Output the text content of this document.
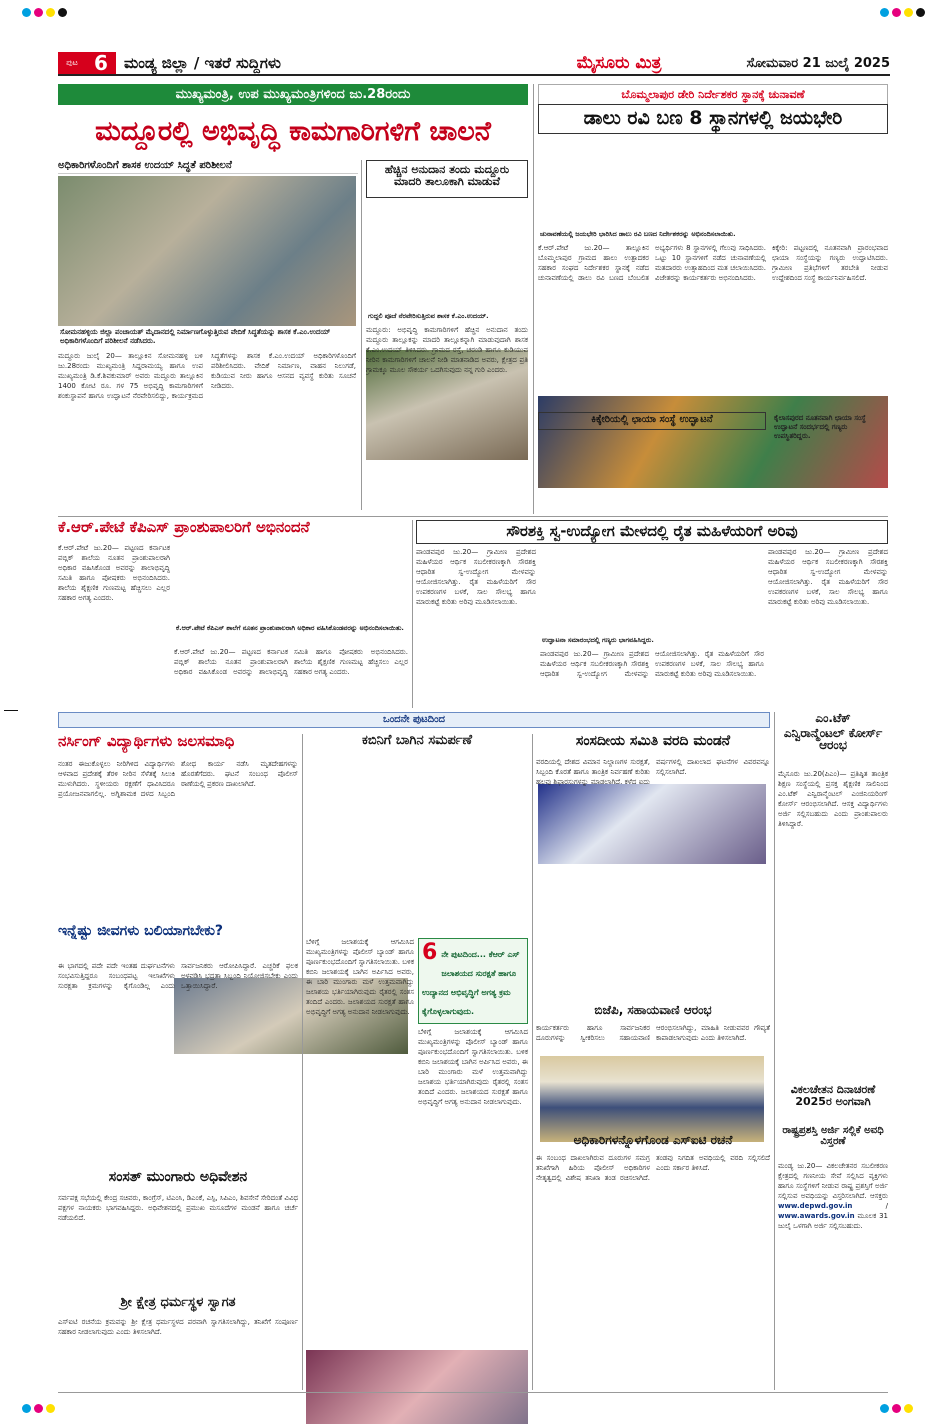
ಪುಟ 6	ಮಂಡ್ಯ ಜಿಲ್ಲಾ / ಇತರೆ ಸುದ್ದಿಗಳು	ಮೈಸೂರು ಮಿತ್ರ	ಸೋಮವಾರ 21 ಜುಲೈ 2025
ಮುಖ್ಯಮಂತ್ರಿ, ಉಪ ಮುಖ್ಯಮಂತ್ರಿಗಳಿಂದ ಜು.28ರಂದು
ಮದ್ದೂರಲ್ಲಿ ಅಭಿವೃದ್ಧಿ ಕಾಮಗಾರಿಗಳಿಗೆ ಚಾಲನೆ
ಅಧಿಕಾರಿಗಳೊಂದಿಗೆ ಶಾಸಕ ಉದಯ್ ಸಿದ್ಧತೆ ಪರಿಶೀಲನೆ
ಸೋಮನಹಳ್ಳಿಯ ಜಿಲ್ಲಾ ಪಂಚಾಯತ್ ಮೈದಾನದಲ್ಲಿ ನಿರ್ಮಾಣಗೊಳ್ಳುತ್ತಿರುವ ವೇದಿಕೆ ಸಿದ್ಧತೆಯನ್ನು ಶಾಸಕ ಕೆ.ಎಂ.ಉದಯ್ ಅಧಿಕಾರಿಗಳೊಂದಿಗೆ ಪರಿಶೀಲನೆ ನಡೆಸಿದರು.

ಮದ್ದೂರು ಜುಲೈ 20— ತಾಲ್ಲೂಕಿನ ಸೋಮನಹಳ್ಳಿ ಬಳಿ ಜು.28ರಂದು ಮುಖ್ಯಮಂತ್ರಿ ಸಿದ್ದರಾಮಯ್ಯ ಹಾಗೂ ಉಪ ಮುಖ್ಯಮಂತ್ರಿ ಡಿ.ಕೆ.ಶಿವಕುಮಾರ್ ಅವರು ಮದ್ದೂರು ತಾಲ್ಲೂಕಿನ 1400 ಕೋಟಿ ರೂ. ಗಳ 75 ಅಭಿವೃದ್ಧಿ ಕಾಮಗಾರಿಗಳಿಗೆ ಶಂಕುಸ್ಥಾಪನೆ ಹಾಗೂ ಉದ್ಘಾಟನೆ ನೆರವೇರಿಸಲಿದ್ದು, ಕಾರ್ಯಕ್ರಮದ ಸಿದ್ಧತೆಗಳನ್ನು ಶಾಸಕ ಕೆ.ಎಂ.ಉದಯ್ ಅಧಿಕಾರಿಗಳೊಂದಿಗೆ ಪರಿಶೀಲಿಸಿದರು. ವೇದಿಕೆ ನಿರ್ಮಾಣ, ವಾಹನ ನಿಲುಗಡೆ, ಕುಡಿಯುವ ನೀರು ಹಾಗೂ ಆಸನದ ವ್ಯವಸ್ಥೆ ಕುರಿತು ಸೂಚನೆ ನೀಡಿದರು.

ಹೆಚ್ಚಿನ ಅನುದಾನ ತಂದು ಮದ್ದೂರು ಮಾದರಿ ತಾಲೂಕಾಗಿ ಮಾಡುವೆ
ಗುದ್ದಲಿ ಪೂಜೆ ನೆರವೇರಿಸುತ್ತಿರುವ ಶಾಸಕ ಕೆ.ಎಂ.ಉದಯ್.

ಮದ್ದೂರು: ಅಭಿವೃದ್ಧಿ ಕಾಮಗಾರಿಗಳಿಗೆ ಹೆಚ್ಚಿನ ಅನುದಾನ ತಂದು ಮದ್ದೂರು ತಾಲ್ಲೂಕನ್ನು ಮಾದರಿ ತಾಲ್ಲೂಕನ್ನಾಗಿ ಮಾಡುವುದಾಗಿ ಶಾಸಕ ಕೆ.ಎಂ.ಉದಯ್ ತಿಳಿಸಿದರು. ಗ್ರಾಮದ ರಸ್ತೆ, ಚರಂಡಿ ಹಾಗೂ ಕುಡಿಯುವ ನೀರಿನ ಕಾಮಗಾರಿಗಳಿಗೆ ಚಾಲನೆ ನೀಡಿ ಮಾತನಾಡಿದ ಅವರು, ಕ್ಷೇತ್ರದ ಪ್ರತಿ ಗ್ರಾಮಕ್ಕೂ ಮೂಲ ಸೌಕರ್ಯ ಒದಗಿಸುವುದು ನನ್ನ ಗುರಿ ಎಂದರು.

ಬೊಮ್ಮಲಾಪುರ ಡೇರಿ ನಿರ್ದೇಶಕರ ಸ್ಥಾನಕ್ಕೆ ಚುನಾವಣೆ
ಡಾಲು ರವಿ ಬಣ 8 ಸ್ಥಾನಗಳಲ್ಲಿ ಜಯಭೇರಿ
ಚುನಾವಣೆಯಲ್ಲಿ ಜಯಭೇರಿ ಭಾರಿಸಿದ ಡಾಲು ರವಿ ಬಣದ ನಿರ್ದೇಶಕರನ್ನು ಅಭಿನಂದಿಸಲಾಯಿತು.

ಕೆ.ಆರ್.ಪೇಟೆ ಜು.20— ತಾಲ್ಲೂಕಿನ ಬೊಮ್ಮಲಾಪುರ ಗ್ರಾಮದ ಹಾಲು ಉತ್ಪಾದಕರ ಸಹಕಾರ ಸಂಘದ ನಿರ್ದೇಶಕರ ಸ್ಥಾನಕ್ಕೆ ನಡೆದ ಚುನಾವಣೆಯಲ್ಲಿ ಡಾಲು ರವಿ ಬಣದ ಬೆಂಬಲಿತ ಅಭ್ಯರ್ಥಿಗಳು 8 ಸ್ಥಾನಗಳಲ್ಲಿ ಗೆಲುವು ಸಾಧಿಸಿದರು. ಒಟ್ಟು 10 ಸ್ಥಾನಗಳಿಗೆ ನಡೆದ ಚುನಾವಣೆಯಲ್ಲಿ ಮತದಾರರು ಉತ್ಸಾಹದಿಂದ ಮತ ಚಲಾಯಿಸಿದರು. ವಿಜೇತರನ್ನು ಕಾರ್ಯಕರ್ತರು ಅಭಿನಂದಿಸಿದರು.

ಕಿಕ್ಕೇರಿಯಲ್ಲಿ ಛಾಯಾ ಸಂಸ್ಥೆ ಉದ್ಘಾಟನೆ

ಕಿಕ್ಕೇರಿ: ಪಟ್ಟಣದಲ್ಲಿ ನೂತನವಾಗಿ ಪ್ರಾರಂಭವಾದ ಛಾಯಾ ಸಂಸ್ಥೆಯನ್ನು ಗಣ್ಯರು ಉದ್ಘಾಟಿಸಿದರು. ಗ್ರಾಮೀಣ ಪ್ರತಿಭೆಗಳಿಗೆ ತರಬೇತಿ ನೀಡುವ ಉದ್ದೇಶದಿಂದ ಸಂಸ್ಥೆ ಕಾರ್ಯನಿರ್ವಹಿಸಲಿದೆ.

ಕೈಲಾಸಪುರದ ನೂತನವಾಗಿ ಛಾಯಾ ಸಂಸ್ಥೆ ಉದ್ಘಾಟನೆ ಸಂದರ್ಭದಲ್ಲಿ ಗಣ್ಯರು ಉಪಸ್ಥಿತರಿದ್ದರು.
ಕೆ.ಆರ್.ಪೇಟೆ ಕೆಪಿಎಸ್ ಪ್ರಾಂಶುಪಾಲರಿಗೆ ಅಭಿನಂದನೆ

ಕೆ.ಆರ್.ಪೇಟೆ ಜು.20— ಪಟ್ಟಣದ ಕರ್ನಾಟಕ ಪಬ್ಲಿಕ್ ಶಾಲೆಯ ನೂತನ ಪ್ರಾಂಶುಪಾಲರಾಗಿ ಅಧಿಕಾರ ವಹಿಸಿಕೊಂಡ ಅವರನ್ನು ಶಾಲಾಭಿವೃದ್ಧಿ ಸಮಿತಿ ಹಾಗೂ ಪೋಷಕರು ಅಭಿನಂದಿಸಿದರು. ಶಾಲೆಯ ಶೈಕ್ಷಣಿಕ ಗುಣಮಟ್ಟ ಹೆಚ್ಚಿಸಲು ಎಲ್ಲರ ಸಹಕಾರ ಅಗತ್ಯ ಎಂದರು.

ಕೆ.ಆರ್.ಪೇಟೆ ಕೆಪಿಎಸ್ ಶಾಲೆಗೆ ನೂತನ ಪ್ರಾಂಶುಪಾಲರಾಗಿ ಅಧಿಕಾರ ವಹಿಸಿಕೊಂಡವರನ್ನು ಅಭಿನಂದಿಸಲಾಯಿತು.

ಕೆ.ಆರ್.ಪೇಟೆ ಜು.20— ಪಟ್ಟಣದ ಕರ್ನಾಟಕ ಪಬ್ಲಿಕ್ ಶಾಲೆಯ ನೂತನ ಪ್ರಾಂಶುಪಾಲರಾಗಿ ಅಧಿಕಾರ ವಹಿಸಿಕೊಂಡ ಅವರನ್ನು ಶಾಲಾಭಿವೃದ್ಧಿ ಸಮಿತಿ ಹಾಗೂ ಪೋಷಕರು ಅಭಿನಂದಿಸಿದರು. ಶಾಲೆಯ ಶೈಕ್ಷಣಿಕ ಗುಣಮಟ್ಟ ಹೆಚ್ಚಿಸಲು ಎಲ್ಲರ ಸಹಕಾರ ಅಗತ್ಯ ಎಂದರು.

ಸೌರಶಕ್ತಿ ಸ್ವ-ಉದ್ಯೋಗ ಮೇಳದಲ್ಲಿ ರೈತ ಮಹಿಳೆಯರಿಗೆ ಅರಿವು

ಪಾಂಡವಪುರ ಜು.20— ಗ್ರಾಮೀಣ ಪ್ರದೇಶದ ಮಹಿಳೆಯರ ಆರ್ಥಿಕ ಸಬಲೀಕರಣಕ್ಕಾಗಿ ಸೌರಶಕ್ತಿ ಆಧಾರಿತ ಸ್ವ-ಉದ್ಯೋಗ ಮೇಳವನ್ನು ಆಯೋಜಿಸಲಾಗಿತ್ತು. ರೈತ ಮಹಿಳೆಯರಿಗೆ ಸೌರ ಉಪಕರಣಗಳ ಬಳಕೆ, ಸಾಲ ಸೌಲಭ್ಯ ಹಾಗೂ ಮಾರುಕಟ್ಟೆ ಕುರಿತು ಅರಿವು ಮೂಡಿಸಲಾಯಿತು.

ಉದ್ಘಾಟನಾ ಸಮಾರಂಭದಲ್ಲಿ ಗಣ್ಯರು ಭಾಗವಹಿಸಿದ್ದರು.

ಪಾಂಡವಪುರ ಜು.20— ಗ್ರಾಮೀಣ ಪ್ರದೇಶದ ಮಹಿಳೆಯರ ಆರ್ಥಿಕ ಸಬಲೀಕರಣಕ್ಕಾಗಿ ಸೌರಶಕ್ತಿ ಆಧಾರಿತ ಸ್ವ-ಉದ್ಯೋಗ ಮೇಳವನ್ನು ಆಯೋಜಿಸಲಾಗಿತ್ತು. ರೈತ ಮಹಿಳೆಯರಿಗೆ ಸೌರ ಉಪಕರಣಗಳ ಬಳಕೆ, ಸಾಲ ಸೌಲಭ್ಯ ಹಾಗೂ ಮಾರುಕಟ್ಟೆ ಕುರಿತು ಅರಿವು ಮೂಡಿಸಲಾಯಿತು.

ಪಾಂಡವಪುರ ಜು.20— ಗ್ರಾಮೀಣ ಪ್ರದೇಶದ ಮಹಿಳೆಯರ ಆರ್ಥಿಕ ಸಬಲೀಕರಣಕ್ಕಾಗಿ ಸೌರಶಕ್ತಿ ಆಧಾರಿತ ಸ್ವ-ಉದ್ಯೋಗ ಮೇಳವನ್ನು ಆಯೋಜಿಸಲಾಗಿತ್ತು. ರೈತ ಮಹಿಳೆಯರಿಗೆ ಸೌರ ಉಪಕರಣಗಳ ಬಳಕೆ, ಸಾಲ ಸೌಲಭ್ಯ ಹಾಗೂ ಮಾರುಕಟ್ಟೆ ಕುರಿತು ಅರಿವು ಮೂಡಿಸಲಾಯಿತು.

ಒಂದನೇ ಪುಟದಿಂದ
ನರ್ಸಿಂಗ್ ವಿದ್ಯಾರ್ಥಿಗಳು ಜಲಸಮಾಧಿ

ನಂತರ ಈಜುಕೊಳ್ಳಲು ನೀರಿಗಿಳಿದ ವಿದ್ಯಾರ್ಥಿಗಳು ಆಳವಾದ ಪ್ರದೇಶಕ್ಕೆ ತೆರಳಿ ನೀರಿನ ಸೆಳೆತಕ್ಕೆ ಸಿಲುಕಿ ಮುಳುಗಿದರು. ಸ್ಥಳೀಯರು ರಕ್ಷಣೆಗೆ ಧಾವಿಸಿದರೂ ಪ್ರಯೋಜನವಾಗಲಿಲ್ಲ. ಅಗ್ನಿಶಾಮಕ ದಳದ ಸಿಬ್ಬಂದಿ ಶೋಧ ಕಾರ್ಯ ನಡೆಸಿ ಮೃತದೇಹಗಳನ್ನು ಹೊರತೆಗೆದರು. ಘಟನೆ ಸಂಬಂಧ ಪೊಲೀಸ್ ಠಾಣೆಯಲ್ಲಿ ಪ್ರಕರಣ ದಾಖಲಾಗಿದೆ.

ಇನ್ನೆಷ್ಟು ಜೀವಗಳು ಬಲಿಯಾಗಬೇಕು?

ಈ ಭಾಗದಲ್ಲಿ ಪದೇ ಪದೇ ಇಂತಹ ದುರ್ಘಟನೆಗಳು ಸಂಭವಿಸುತ್ತಿದ್ದರೂ ಸಂಬಂಧಪಟ್ಟ ಇಲಾಖೆಗಳು ಸುರಕ್ಷತಾ ಕ್ರಮಗಳನ್ನು ಕೈಗೊಂಡಿಲ್ಲ ಎಂದು ಸಾರ್ವಜನಿಕರು ಆರೋಪಿಸಿದ್ದಾರೆ. ಎಚ್ಚರಿಕೆ ಫಲಕ ಅಳವಡಿಸಿ ಭದ್ರತಾ ಸಿಬ್ಬಂದಿ ನಿಯೋಜಿಸಬೇಕು ಎಂದು ಒತ್ತಾಯಿಸಿದ್ದಾರೆ.

ಸಂಸತ್ ಮುಂಗಾರು ಅಧಿವೇಶನ

ಸರ್ವಪಕ್ಷ ಸಭೆಯಲ್ಲಿ ಕೇಂದ್ರ ಸಚಿವರು, ಕಾಂಗ್ರೆಸ್, ಟಿಎಂಸಿ, ಡಿಎಂಕೆ, ಎಸ್ಪಿ, ಸಿಪಿಎಂ, ಶಿವಸೇನೆ ಸೇರಿದಂತೆ ವಿವಿಧ ಪಕ್ಷಗಳ ನಾಯಕರು ಭಾಗವಹಿಸಿದ್ದರು. ಅಧಿವೇಶನದಲ್ಲಿ ಪ್ರಮುಖ ಮಸೂದೆಗಳ ಮಂಡನೆ ಹಾಗೂ ಚರ್ಚೆ ನಡೆಯಲಿದೆ.

ಶ್ರೀ ಕ್ಷೇತ್ರ ಧರ್ಮಸ್ಥಳ ಸ್ವಾಗತ

ಎಸ್ಐಟಿ ರಚನೆಯ ಕ್ರಮವನ್ನು ಶ್ರೀ ಕ್ಷೇತ್ರ ಧರ್ಮಸ್ಥಳದ ಪರವಾಗಿ ಸ್ವಾಗತಿಸಲಾಗಿದ್ದು, ತನಿಖೆಗೆ ಸಂಪೂರ್ಣ ಸಹಕಾರ ನೀಡಲಾಗುವುದು ಎಂದು ತಿಳಿಸಲಾಗಿದೆ.

ಕಬಿನಿಗೆ ಬಾಗಿನ ಸಮರ್ಪಣೆ

ಬೆಳಿಗ್ಗೆ ಜಲಾಶಯಕ್ಕೆ ಆಗಮಿಸಿದ ಮುಖ್ಯಮಂತ್ರಿಗಳನ್ನು ಪೊಲೀಸ್ ಬ್ಯಾಂಡ್ ಹಾಗೂ ಪೂರ್ಣಕುಂಭದೊಂದಿಗೆ ಸ್ವಾಗತಿಸಲಾಯಿತು. ಬಳಿಕ ಕಬಿನಿ ಜಲಾಶಯಕ್ಕೆ ಬಾಗಿನ ಅರ್ಪಿಸಿದ ಅವರು, ಈ ಬಾರಿ ಮುಂಗಾರು ಮಳೆ ಉತ್ತಮವಾಗಿದ್ದು ಜಲಾಶಯ ಭರ್ತಿಯಾಗಿರುವುದು ರೈತರಲ್ಲಿ ಸಂತಸ ತಂದಿದೆ ಎಂದರು. ಜಲಾಶಯದ ಸುರಕ್ಷತೆ ಹಾಗೂ ಅಭಿವೃದ್ಧಿಗೆ ಅಗತ್ಯ ಅನುದಾನ ನೀಡಲಾಗುವುದು.

6 ನೇ ಪುಟದಿಂದ... ಕೆಆರ್ ಎಸ್ ಜಲಾಶಯದ ಸುರಕ್ಷತೆ ಹಾಗೂ ಉದ್ಯಾನದ ಅಭಿವೃದ್ಧಿಗೆ ಅಗತ್ಯ ಕ್ರಮ ಕೈಗೊಳ್ಳಲಾಗುವುದು.

ಬೆಳಿಗ್ಗೆ ಜಲಾಶಯಕ್ಕೆ ಆಗಮಿಸಿದ ಮುಖ್ಯಮಂತ್ರಿಗಳನ್ನು ಪೊಲೀಸ್ ಬ್ಯಾಂಡ್ ಹಾಗೂ ಪೂರ್ಣಕುಂಭದೊಂದಿಗೆ ಸ್ವಾಗತಿಸಲಾಯಿತು. ಬಳಿಕ ಕಬಿನಿ ಜಲಾಶಯಕ್ಕೆ ಬಾಗಿನ ಅರ್ಪಿಸಿದ ಅವರು, ಈ ಬಾರಿ ಮುಂಗಾರು ಮಳೆ ಉತ್ತಮವಾಗಿದ್ದು ಜಲಾಶಯ ಭರ್ತಿಯಾಗಿರುವುದು ರೈತರಲ್ಲಿ ಸಂತಸ ತಂದಿದೆ ಎಂದರು. ಜಲಾಶಯದ ಸುರಕ್ಷತೆ ಹಾಗೂ ಅಭಿವೃದ್ಧಿಗೆ ಅಗತ್ಯ ಅನುದಾನ ನೀಡಲಾಗುವುದು.

ಸಂಸದೀಯ ಸಮಿತಿ ವರದಿ ಮಂಡನೆ

ವರದಿಯಲ್ಲಿ ದೇಶದ ವಿಮಾನ ನಿಲ್ದಾಣಗಳ ಸುರಕ್ಷತೆ, ಸಿಬ್ಬಂದಿ ಕೊರತೆ ಹಾಗೂ ತಾಂತ್ರಿಕ ನಿರ್ವಹಣೆ ಕುರಿತು ಹಲವು ಶಿಫಾರಸುಗಳನ್ನು ಮಾಡಲಾಗಿದೆ. ಕಳೆದ ಐದು ವರ್ಷಗಳಲ್ಲಿ ದಾಖಲಾದ ಘಟನೆಗಳ ವಿವರವನ್ನೂ ಸಲ್ಲಿಸಲಾಗಿದೆ.

ಬಿಜೆಪಿ, ಸಹಾಯವಾಣಿ ಆರಂಭ

ಕಾರ್ಯಕರ್ತರು ಹಾಗೂ ಸಾರ್ವಜನಿಕರ ದೂರುಗಳನ್ನು ಸ್ವೀಕರಿಸಲು ಸಹಾಯವಾಣಿ ಆರಂಭಿಸಲಾಗಿದ್ದು, ಮಾಹಿತಿ ನೀಡುವವರ ಗೌಪ್ಯತೆ ಕಾಪಾಡಲಾಗುವುದು ಎಂದು ತಿಳಿಸಲಾಗಿದೆ.

ಅಧಿಕಾರಿಗಳನ್ನೊಳಗೊಂಡ ಎಸ್ಐಟಿ ರಚನೆ

ಈ ಸಂಬಂಧ ದಾಖಲಾಗಿರುವ ದೂರುಗಳ ಸಮಗ್ರ ತನಿಖೆಗಾಗಿ ಹಿರಿಯ ಪೊಲೀಸ್ ಅಧಿಕಾರಿಗಳ ನೇತೃತ್ವದಲ್ಲಿ ವಿಶೇಷ ತನಿಖಾ ತಂಡ ರಚಿಸಲಾಗಿದೆ. ತಂಡವು ನಿಗದಿತ ಅವಧಿಯಲ್ಲಿ ವರದಿ ಸಲ್ಲಿಸಲಿದೆ ಎಂದು ಸರ್ಕಾರ ತಿಳಿಸಿದೆ.

ಎಂ.ಟೆಕ್
ಎನ್ವಿರಾನ್ಮೆಂಟಲ್ ಕೋರ್ಸ್ ಆರಂಭ

ಮೈಸೂರು ಜು.20(ಪಿಎಂ)— ಪ್ರತಿಷ್ಠಿತ ತಾಂತ್ರಿಕ ಶಿಕ್ಷಣ ಸಂಸ್ಥೆಯಲ್ಲಿ ಪ್ರಸಕ್ತ ಶೈಕ್ಷಣಿಕ ಸಾಲಿನಿಂದ ಎಂ.ಟೆಕ್ ಎನ್ವಿರಾನ್ಮೆಂಟಲ್ ಎಂಜಿನಿಯರಿಂಗ್ ಕೋರ್ಸ್ ಆರಂಭಿಸಲಾಗಿದೆ. ಆಸಕ್ತ ವಿದ್ಯಾರ್ಥಿಗಳು ಅರ್ಜಿ ಸಲ್ಲಿಸಬಹುದು ಎಂದು ಪ್ರಾಂಶುಪಾಲರು ತಿಳಿಸಿದ್ದಾರೆ.

ವಿಕಲಚೇತನ ದಿನಾಚರಣೆ 2025ರ ಅಂಗವಾಗಿ
ರಾಷ್ಟ್ರಪ್ರಶಸ್ತಿ ಅರ್ಜಿ ಸಲ್ಲಿಕೆ ಅವಧಿ ವಿಸ್ತರಣೆ

ಮಂಡ್ಯ ಜು.20— ವಿಕಲಚೇತನರ ಸಬಲೀಕರಣ ಕ್ಷೇತ್ರದಲ್ಲಿ ಗಣನೀಯ ಸೇವೆ ಸಲ್ಲಿಸಿದ ವ್ಯಕ್ತಿಗಳು ಹಾಗೂ ಸಂಸ್ಥೆಗಳಿಗೆ ನೀಡುವ ರಾಷ್ಟ್ರ ಪ್ರಶಸ್ತಿಗೆ ಅರ್ಜಿ ಸಲ್ಲಿಸುವ ಅವಧಿಯನ್ನು ವಿಸ್ತರಿಸಲಾಗಿದೆ. ಆಸಕ್ತರು www.depwd.gov.in	/ www.awards.gov.in ಮೂಲಕ 31 ಜುಲೈ ಒಳಗಾಗಿ ಅರ್ಜಿ ಸಲ್ಲಿಸಬಹುದು.
